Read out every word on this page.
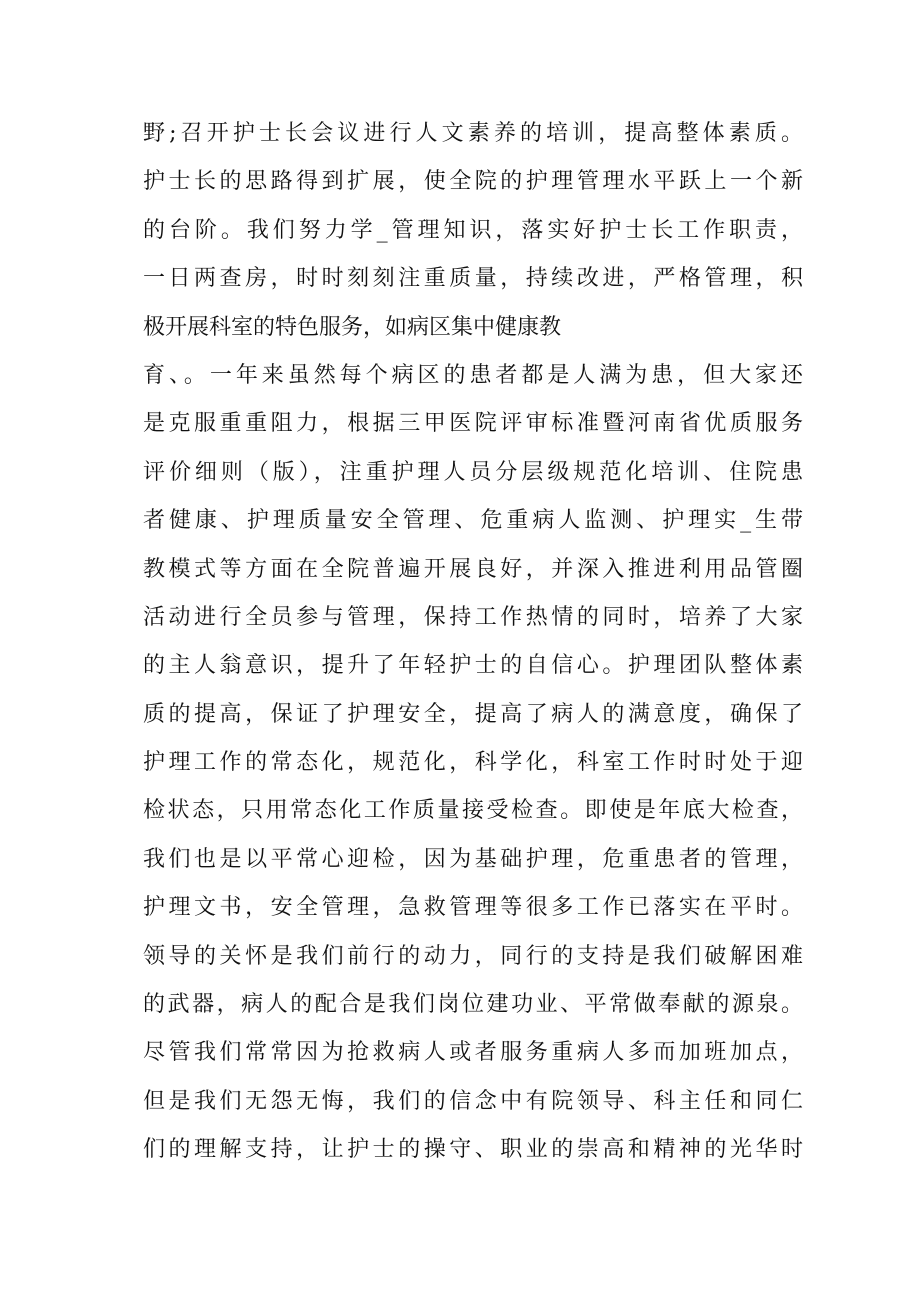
野;召开护士长会议进行人文素养的培训，提高整体素质。
护士长的思路得到扩展，使全院的护理管理水平跃上一个新
的台阶。我们努力学_管理知识，落实好护士长工作职责，
一日两查房，时时刻刻注重质量，持续改进，严格管理，积
极开展科室的特色服务，如病区集中健康教
育、。一年来虽然每个病区的患者都是人满为患，但大家还
是克服重重阻力，根据三甲医院评审标准暨河南省优质服务
评价细则（版），注重护理人员分层级规范化培训、住院患
者健康、护理质量安全管理、危重病人监测、护理实_生带
教模式等方面在全院普遍开展良好，并深入推进利用品管圈
活动进行全员参与管理，保持工作热情的同时，培养了大家
的主人翁意识，提升了年轻护士的自信心。护理团队整体素
质的提高，保证了护理安全，提高了病人的满意度，确保了
护理工作的常态化，规范化，科学化，科室工作时时处于迎
检状态，只用常态化工作质量接受检查。即使是年底大检查，
我们也是以平常心迎检，因为基础护理，危重患者的管理，
护理文书，安全管理，急救管理等很多工作已落实在平时。
领导的关怀是我们前行的动力，同行的支持是我们破解困难
的武器，病人的配合是我们岗位建功业、平常做奉献的源泉。
尽管我们常常因为抢救病人或者服务重病人多而加班加点，
但是我们无怨无悔，我们的信念中有院领导、科主任和同仁
们的理解支持，让护士的操守、职业的崇高和精神的光华时
